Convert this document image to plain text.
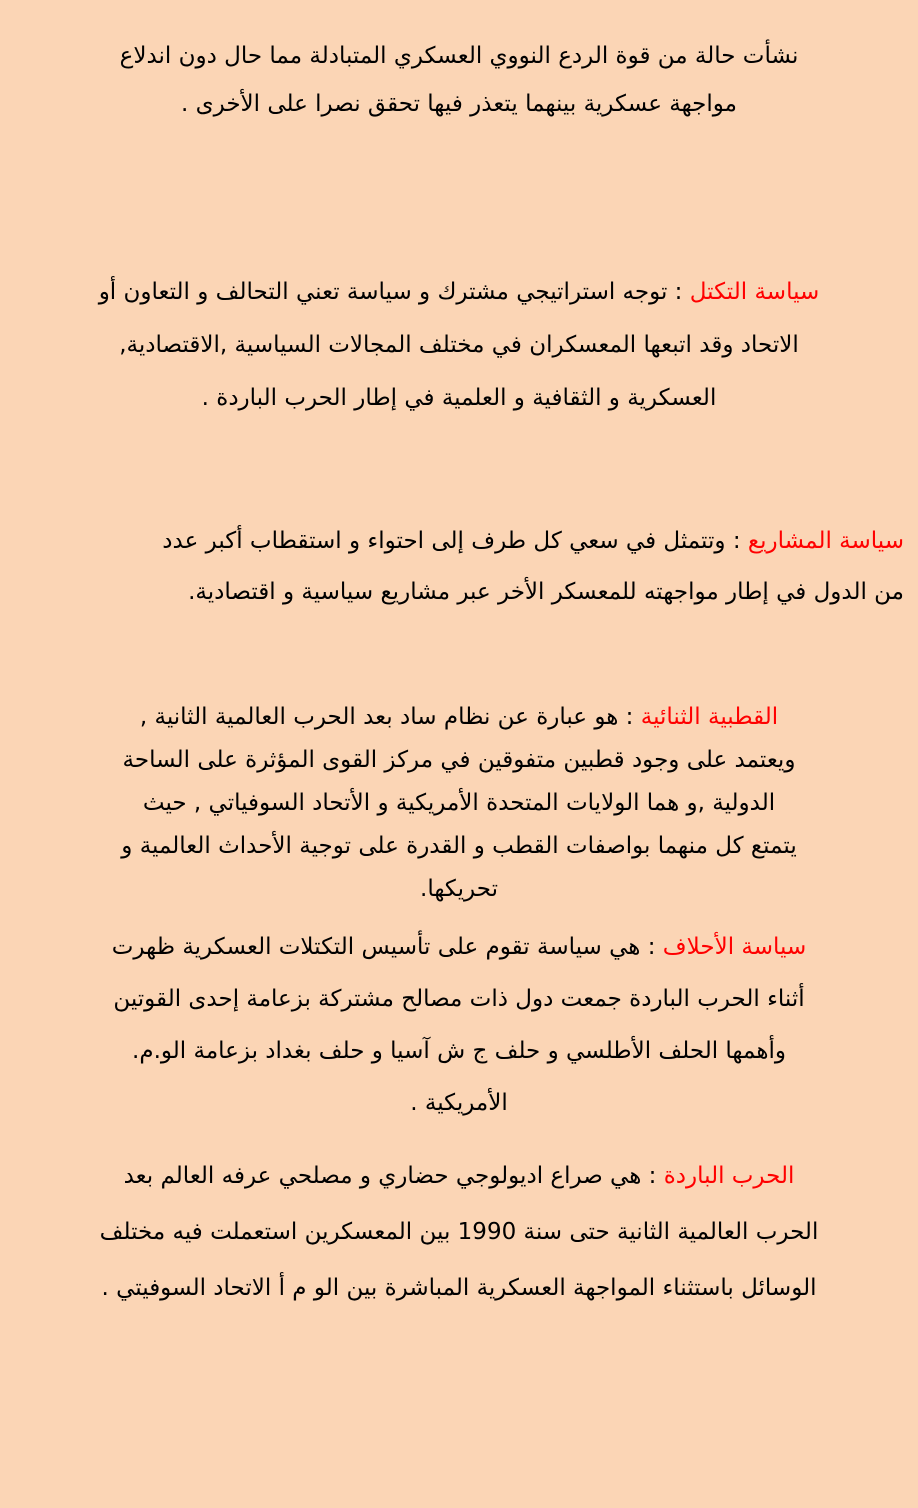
نشأت حالة من قوة الردع النووي العسكري المتبادلة مما حال دون اندلاع
مواجهة عسكرية بينهما يتعذر فيها تحقق نصرا على الأخرى .
سياسة التكتل : توجه استراتيجي مشترك و سياسة تعني التحالف و التعاون أو
الاتحاد وقد اتبعها المعسكران في مختلف المجالات السياسية ,الاقتصادية,
العسكرية و الثقافية و العلمية في إطار الحرب الباردة .
سياسة المشاريع : وتتمثل في سعي كل طرف إلى احتواء و استقطاب أكبر عدد
من الدول في إطار مواجهته للمعسكر الأخر عبر مشاريع سياسية و اقتصادية.
القطبية الثنائية : هو عبارة عن نظام ساد بعد الحرب العالمية الثانية ,
ويعتمد على وجود قطبين متفوقين في مركز القوى المؤثرة على الساحة
الدولية ,و هما الولايات المتحدة الأمريكية و الأتحاد السوفياتي , حيث
يتمتع كل منهما بواصفات القطب و القدرة على توجية الأحداث العالمية و
تحريكها.
سياسة الأحلاف : هي سياسة تقوم على تأسيس التكتلات العسكرية ظهرت
أثناء الحرب الباردة جمعت دول ذات مصالح مشتركة بزعامة إحدى القوتين
وأهمها الحلف الأطلسي و حلف ج ش آسيا و حلف بغداد بزعامة الو.م.
الأمريكية .
الحرب الباردة : هي صراع اديولوجي حضاري و مصلحي عرفه العالم بعد
الحرب العالمية الثانية حتى سنة 1990 بين المعسكرين استعملت فيه مختلف
الوسائل باستثناء المواجهة العسكرية المباشرة بين الو م أ الاتحاد السوفيتي .
